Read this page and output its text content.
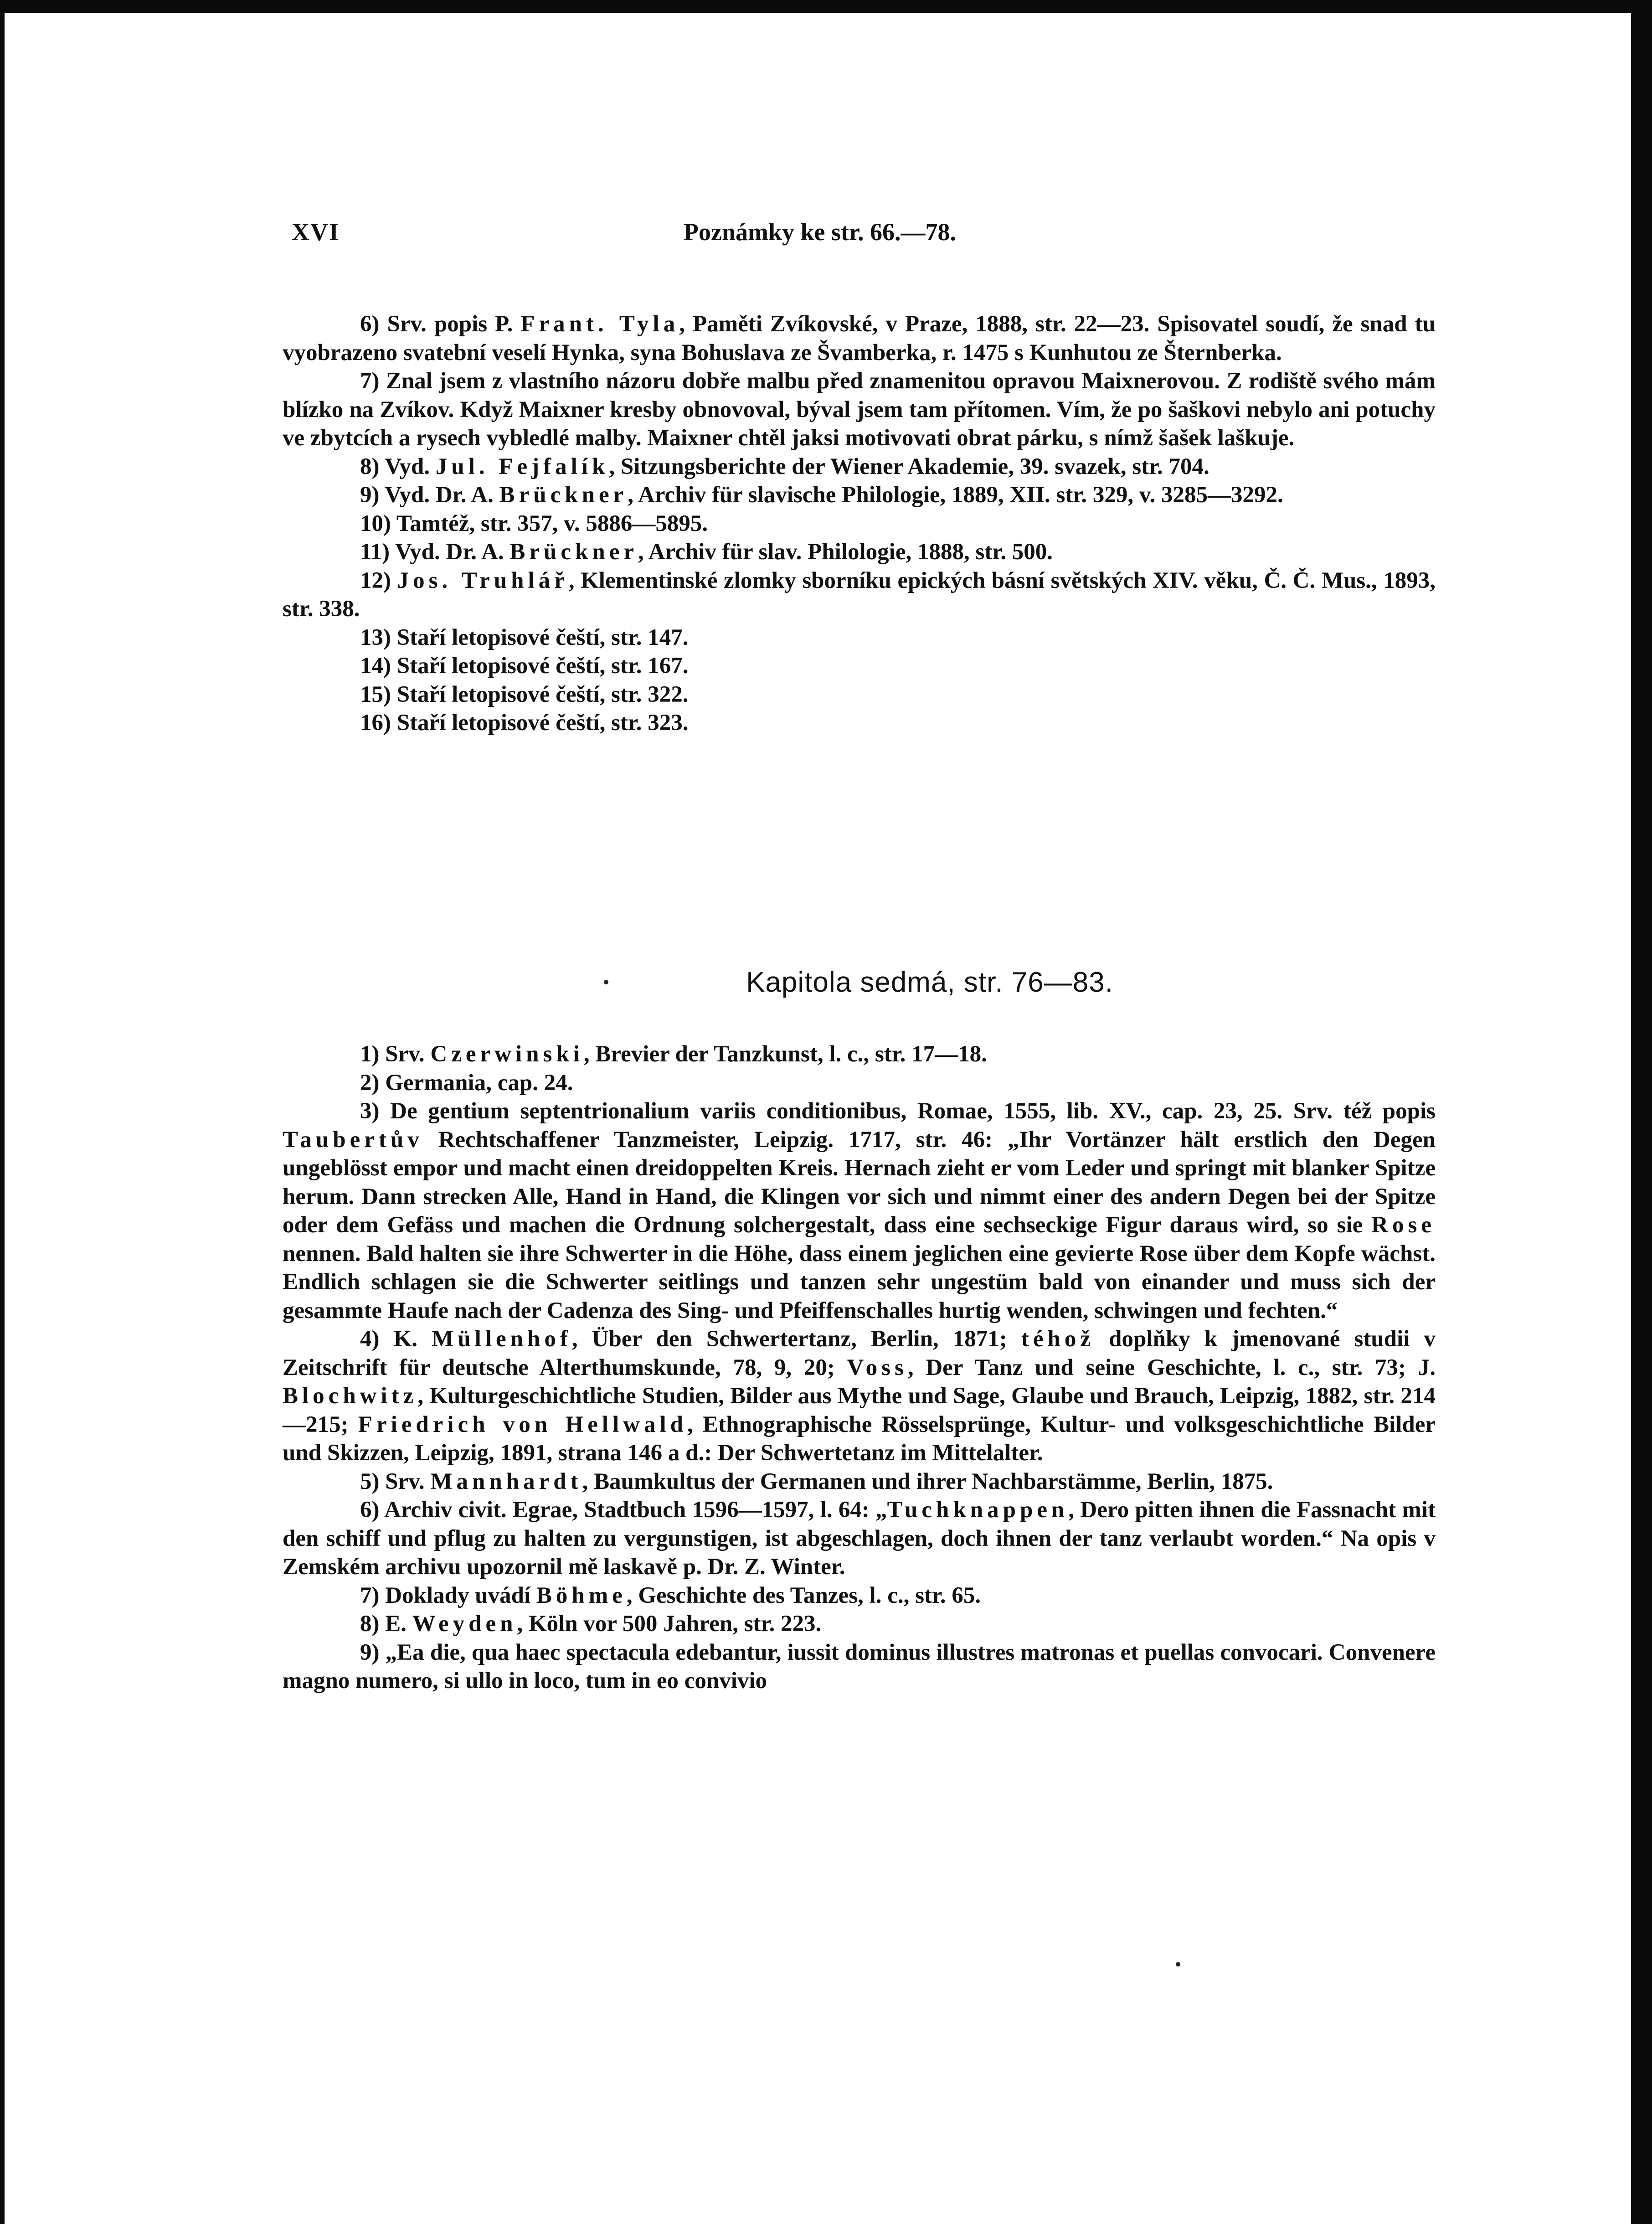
XVI	Poznámky ke str. 66.—78.

6) Srv. popis P. Frant. Tyla, Paměti Zvíkovské, v Praze, 1888, str. 22—23. Spisovatel soudí, že snad tu vyobrazeno svatební veselí Hynka, syna Bohuslava ze Švamberka, r. 1475 s Kunhutou ze Šternberka.

7) Znal jsem z vlastního názoru dobře malbu před znamenitou opravou Maixnerovou. Z rodiště svého mám blízko na Zvíkov. Když Maixner kresby obnovoval, býval jsem tam přítomen. Vím, že po šaškovi nebylo ani potuchy ve zbytcích a rysech vybledlé malby. Maixner chtěl jaksi motivovati obrat párku, s nímž šašek laškuje.

8) Vyd. Jul. Fejfalík, Sitzungsberichte der Wiener Akademie, 39. svazek, str. 704.

9) Vyd. Dr. A. Brückner, Archiv für slavische Philologie, 1889, XII. str. 329, v. 3285—3292.

10) Tamtéž, str. 357, v. 5886—5895.

11) Vyd. Dr. A. Brückner, Archiv für slav. Philologie, 1888, str. 500.

12) Jos. Truhlář, Klementinské zlomky sborníku epických básní světských XIV. věku, Č. Č. Mus., 1893, str. 338.

13) Staří letopisové čeští, str. 147.

14) Staří letopisové čeští, str. 167.

15) Staří letopisové čeští, str. 322.

16) Staří letopisové čeští, str. 323.

Kapitola sedmá, str. 76—83.

1) Srv. Czerwinski, Brevier der Tanzkunst, l. c., str. 17—18.

2) Germania, cap. 24.

3) De gentium septentrionalium variis conditionibus, Romae, 1555, lib. XV., cap. 23, 25. Srv. též popis Taubertův Rechtschaffener Tanzmeister, Leipzig. 1717, str. 46: „Ihr Vortänzer hält erstlich den Degen ungeblösst empor und macht einen dreidoppelten Kreis. Hernach zieht er vom Leder und springt mit blanker Spitze herum. Dann strecken Alle, Hand in Hand, die Klingen vor sich und nimmt einer des andern Degen bei der Spitze oder dem Gefäss und machen die Ordnung solchergestalt, dass eine sechseckige Figur daraus wird, so sie Rose nennen. Bald halten sie ihre Schwerter in die Höhe, dass einem jeglichen eine gevierte Rose über dem Kopfe wächst. Endlich schlagen sie die Schwerter seitlings und tanzen sehr ungestüm bald von einander und muss sich der gesammte Haufe nach der Cadenza des Sing- und Pfeiffenschalles hurtig wenden, schwingen und fechten.“

4) K. Müllenhof, Über den Schwertertanz, Berlin, 1871; téhož doplňky k jmenované studii v Zeitschrift für deutsche Alterthumskunde, 78, 9, 20; Voss, Der Tanz und seine Geschichte, l. c., str. 73; J. Blochwitz, Kulturgeschichtliche Studien, Bilder aus Mythe und Sage, Glaube und Brauch, Leipzig, 1882, str. 214—215; Friedrich von Hellwald, Ethnographische Rösselsprünge, Kultur- und volksgeschichtliche Bilder und Skizzen, Leipzig, 1891, strana 146 a d.: Der Schwertetanz im Mittelalter.

5) Srv. Mannhardt, Baumkultus der Germanen und ihrer Nachbarstämme, Berlin, 1875.

6) Archiv civit. Egrae, Stadtbuch 1596—1597, l. 64: „Tuchknappen, Dero pitten ihnen die Fassnacht mit den schiff und pflug zu halten zu vergunstigen, ist abgeschlagen, doch ihnen der tanz verlaubt worden.“ Na opis v Zemském archivu upozornil mě laskavě p. Dr. Z. Winter.

7) Doklady uvádí Böhme, Geschichte des Tanzes, l. c., str. 65.

8) E. Weyden, Köln vor 500 Jahren, str. 223.

9) „Ea die, qua haec spectacula edebantur, iussit dominus illustres matronas et puellas convocari. Convenere magno numero, si ullo in loco, tum in eo convivio
